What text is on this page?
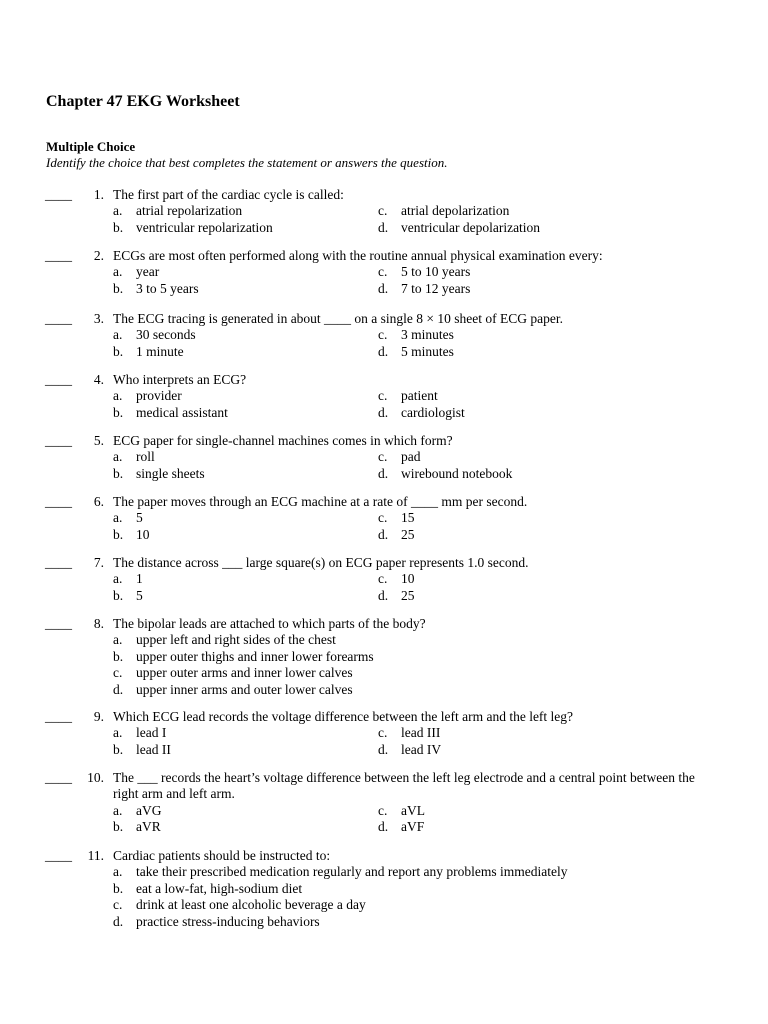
Chapter 47 EKG Worksheet
Multiple Choice
Identify the choice that best completes the statement or answers the question.
____	1. The first part of the cardiac cycle is called:
a. atrial repolarization
b. ventricular repolarization
c. atrial depolarization
d. ventricular depolarization
____	2. ECGs are most often performed along with the routine annual physical examination every:
a. year
b. 3 to 5 years
c. 5 to 10 years
d. 7 to 12 years
____	3. The ECG tracing is generated in about ____ on a single 8 × 10 sheet of ECG paper.
a. 30 seconds
b. 1 minute
c. 3 minutes
d. 5 minutes
____	4. Who interprets an ECG?
a. provider
b. medical assistant
c. patient
d. cardiologist
____	5. ECG paper for single-channel machines comes in which form?
a. roll
b. single sheets
c. pad
d. wirebound notebook
____	6. The paper moves through an ECG machine at a rate of ____ mm per second.
a. 5
b. 10
c. 15
d. 25
____	7. The distance across ___ large square(s) on ECG paper represents 1.0 second.
a. 1
b. 5
c. 10
d. 25
____	8. The bipolar leads are attached to which parts of the body?
a. upper left and right sides of the chest
b. upper outer thighs and inner lower forearms
c. upper outer arms and inner lower calves
d. upper inner arms and outer lower calves
____	9. Which ECG lead records the voltage difference between the left arm and the left leg?
a. lead I
b. lead II
c. lead III
d. lead IV
____	10. The ___ records the heart’s voltage difference between the left leg electrode and a central point between the right arm and left arm.
a. aVG
b. aVR
c. aVL
d. aVF
____	11. Cardiac patients should be instructed to:
a. take their prescribed medication regularly and report any problems immediately
b. eat a low-fat, high-sodium diet
c. drink at least one alcoholic beverage a day
d. practice stress-inducing behaviors
